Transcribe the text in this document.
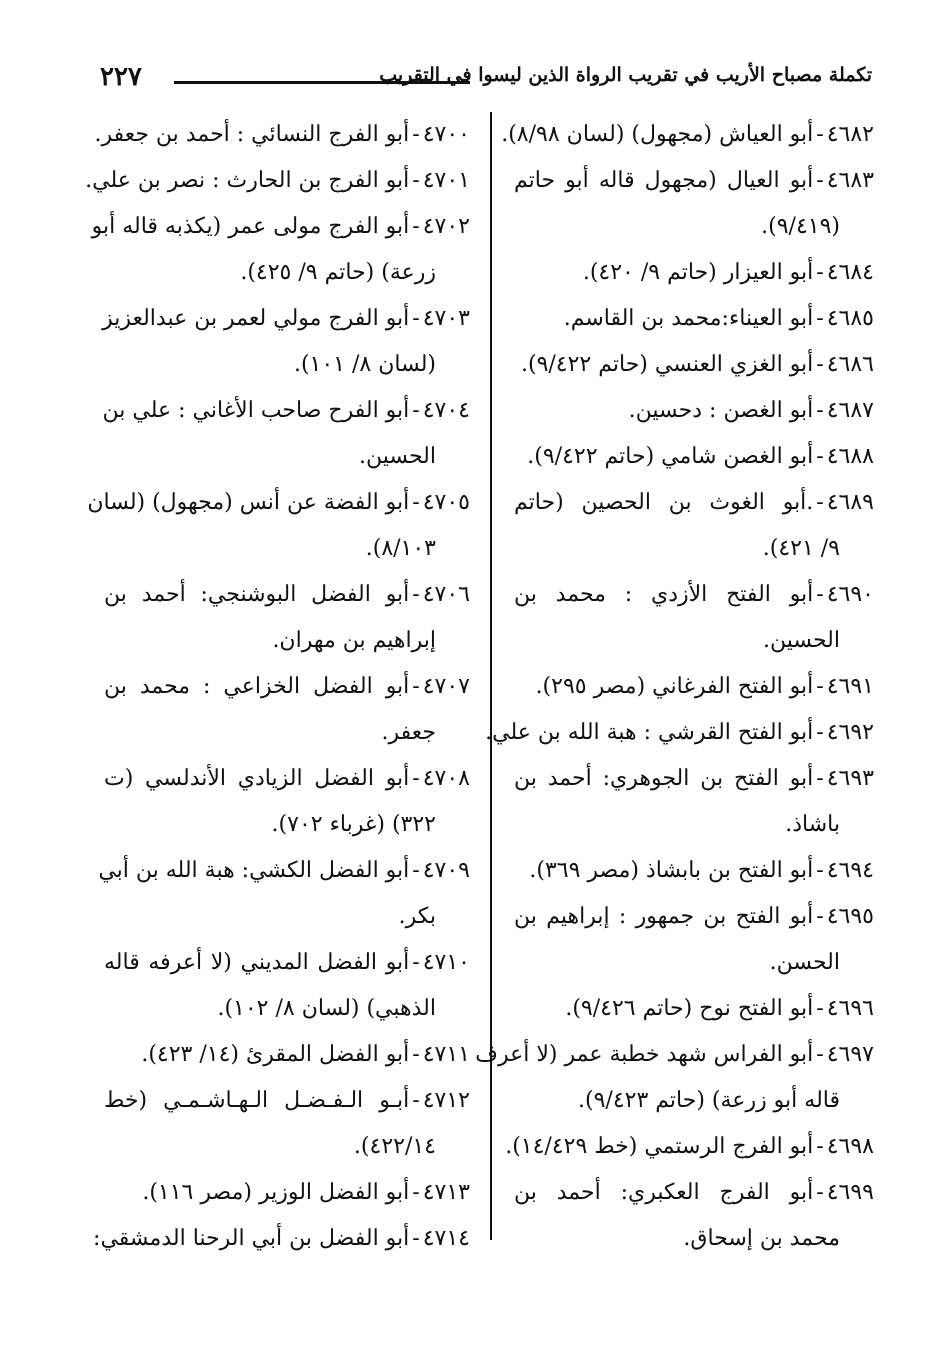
٢٢٧	تكملة مصباح الأريب في تقريب الرواة الذين ليسوا في التقريب
٤٦٨٢-أبو العياش (مجهول) (لسان ٨/٩٨).
٤٦٨٣-أبو العيال (مجهول قاله أبو حاتم
(٩/٤١٩).
٤٦٨٤-أبو العيزار (حاتم ٩/ ٤٢٠).
٤٦٨٥-أبو العيناء:محمد بن القاسم.
٤٦٨٦-أبو الغزي العنسي (حاتم ٩/٤٢٢).
٤٦٨٧-أبو الغصن : دحسين.
٤٦٨٨-أبو الغصن شامي (حاتم ٩/٤٢٢).
٤٦٨٩-.أبو الغوث بن الحصين (حاتم
٩/ ٤٢١).
٤٦٩٠-أبو الفتح الأزدي : محمد بن
الحسين.
٤٦٩١-أبو الفتح الفرغاني (مصر ٢٩٥).
٤٦٩٢-أبو الفتح القرشي : هبة الله بن علي.
٤٦٩٣-أبو الفتح بن الجوهري: أحمد بن
باشاذ.
٤٦٩٤-أبو الفتح بن بابشاذ (مصر ٣٦٩).
٤٦٩٥-أبو الفتح بن جمهور : إبراهيم بن
الحسن.
٤٦٩٦-أبو الفتح نوح (حاتم ٩/٤٢٦).
٤٦٩٧-أبو الفراس شهد خطبة عمر (لا أعرف
قاله أبو زرعة) (حاتم ٩/٤٢٣).
٤٦٩٨-أبو الفرج الرستمي (خط ١٤/٤٢٩).
٤٦٩٩-أبو الفرج العكبري: أحمد بن
محمد بن إسحاق.
٤٧٠٠-أبو الفرج النسائي : أحمد بن جعفر.
٤٧٠١-أبو الفرج بن الحارث : نصر بن علي.
٤٧٠٢-أبو الفرج مولى عمر (يكذبه قاله أبو
زرعة) (حاتم ٩/ ٤٢٥).
٤٧٠٣-أبو الفرج مولي لعمر بن عبدالعزيز
(لسان ٨/ ١٠١).
٤٧٠٤-أبو الفرح صاحب الأغاني : علي بن
الحسين.
٤٧٠٥-أبو الفضة عن أنس (مجهول) (لسان
٨/١٠٣).
٤٧٠٦-أبو الفضل البوشنجي: أحمد بن
إبراهيم بن مهران.
٤٧٠٧-أبو الفضل الخزاعي : محمد بن
جعفر.
٤٧٠٨-أبو الفضل الزيادي الأندلسي (ت
٣٢٢) (غرباء ٧٠٢).
٤٧٠٩-أبو الفضل الكشي: هبة الله بن أبي
بكر.
٤٧١٠-أبو الفضل المديني (لا أعرفه قاله
الذهبي) (لسان ٨/ ١٠٢).
٤٧١١-أبو الفضل المقرئ (١٤/ ٤٢٣).
٤٧١٢-أبـو الـفـضـل الـهـاشـمـي (خط
٤٢٢/١٤).
٤٧١٣-أبو الفضل الوزير (مصر ١١٦).
٤٧١٤-أبو الفضل بن أبي الرحنا الدمشقي:
